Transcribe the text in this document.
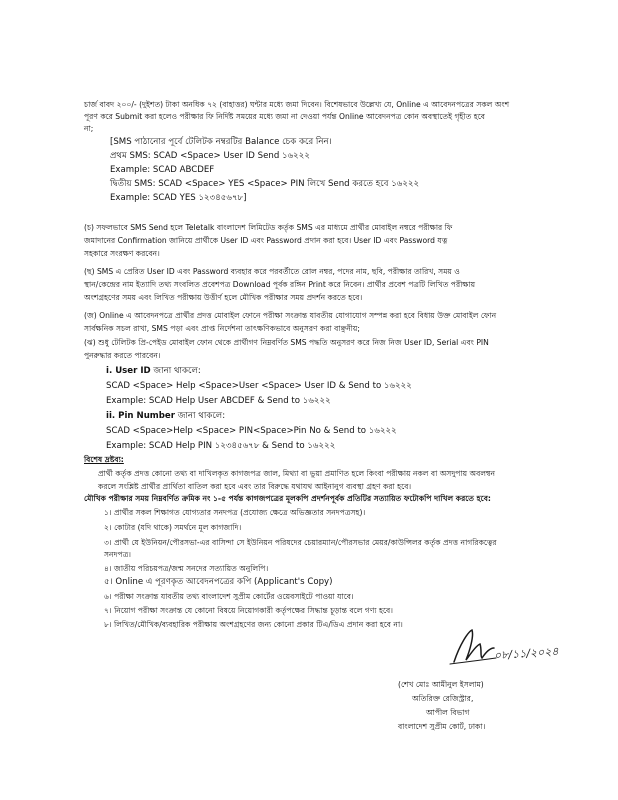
চার্জ বাবদ ২০০/- (দুইশত) টাকা অনধিক ৭২ (বাহাত্তর) ঘন্টার মধ্যে জমা দিবেন। বিশেষভাবে উল্লেখ্য যে, Online এ আবেদনপত্রের সকল অংশ
পূরণ করে Submit করা হলেও পরীক্ষার ফি নির্দিষ্ট সময়ের মধ্যে জমা না দেওয়া পর্যন্ত Online আবেদনপত্র কোন অবস্থাতেই গৃহীত হবে
না;
[SMS পাঠানোর পূর্বে টেলিটক নম্বরটির Balance চেক করে নিন।
প্রথম SMS: SCAD <Space> User ID Send ১৬২২২
Example: SCAD ABCDEF
দ্বিতীয় SMS: SCAD <Space> YES <Space> PIN লিখে Send করতে হবে ১৬২২২
Example: SCAD YES ১২৩৪৫৬৭৮]
(চ) সফলভাবে SMS Send হলে Teletalk বাংলাদেশ লিমিটেড কর্তৃক SMS এর মাধ্যমে প্রার্থীর মোবাইল নম্বরে পরীক্ষার ফি
জমাদানের Confirmation জানিয়ে প্রার্থীকে User ID এবং Password প্রদান করা হবে। User ID এবং Password যত্ন
সহকারে সংরক্ষণ করবেন।
(ছ) SMS এ প্রেরিত User ID এবং Password ব্যবহার করে পরবর্তীতে রোল নম্বর, পদের নাম, ছবি, পরীক্ষার তারিখ, সময় ও
স্থান/কেন্দ্রের নাম ইত্যাদি তথ্য সংবলিত প্রবেশপত্র Download পূর্বক রঙ্গিন Print করে নিবেন। প্রার্থীর প্রবেশ পত্রটি লিখিত পরীক্ষায়
অংশগ্রহণের সময় এবং লিখিত পরীক্ষায় উত্তীর্ণ হলে মৌখিক পরীক্ষার সময় প্রদর্শন করতে হবে।
(জ) Online এ আবেদনপত্রে প্রার্থীর প্রদত্ত মোবাইল ফোনে পরীক্ষা সংক্রান্ত যাবতীয় যোগাযোগ সম্পন্ন করা হবে বিধায় উক্ত মোবাইল ফোন
সার্বক্ষনিক সচল রাখা, SMS পড়া এবং প্রাপ্ত নির্দেশনা তাৎক্ষণিকভাবে অনুসরণ করা বাঞ্ছনীয়;
(ঝ) শুধু টেলিটক প্রি-পেইড মোবাইল ফোন থেকে প্রার্থীগণ নিম্নবর্ণিত SMS পদ্ধতি অনুসরণ করে নিজ নিজ User ID, Serial এবং PIN
পুনরুদ্ধার করতে পারবেন।
i. User ID জানা থাকলে:
SCAD <Space> Help <Space>User <Space> User ID & Send to ১৬২২২
Example: SCAD Help User ABCDEF & Send to ১৬২২২
ii. Pin Number জানা থাকলে:
SCAD <Space>Help <Space> PIN<Space>Pin No & Send to ১৬২২২
Example: SCAD Help PIN ১২৩৪৫৬৭৮ & Send to ১৬২২২
বিশেষ দ্রষ্টব্য:
প্রার্থী কর্তৃক প্রদত্ত কোনো তথ্য বা দাখিলকৃত কাগজপত্র জাল, মিথ্যা বা ভুয়া প্রমাণিত হলে কিংবা পরীক্ষায় নকল বা অসদুপায় অবলম্বন
করলে সংশ্লিষ্ট প্রার্থীর প্রার্থিতা বাতিল করা হবে এবং তার বিরুদ্ধে যথাযথ আইনানুগ ব্যবস্থা গ্রহণ করা হবে।
মৌখিক পরীক্ষার সময় নিম্নবর্ণিত ক্রমিক নং ১-৫ পর্যন্ত কাগজপত্রের মূলকপি প্রদর্শনপূর্বক প্রতিটির সত্যায়িত ফটোকপি দাখিল করতে হবে:
১। প্রার্থীর সকল শিক্ষাগত যোগ্যতার সনদপত্র (প্রযোজ্য ক্ষেত্রে অভিজ্ঞতার সনদপত্রসহ)।
২। কোটার (যদি থাকে) সমর্থনে মূল কাগজাদি।
৩। প্রার্থী যে ইউনিয়ন/পৌরসভা-এর বাসিন্দা সে ইউনিয়ন পরিষদের চেয়ারম্যান/পৌরসভার মেয়র/কাউন্সিলর কর্তৃক প্রদত্ত নাগরিকত্বের
সনদপত্র।
৪। জাতীয় পরিচয়পত্র/জন্ম সনদের সত্যায়িত অনুলিপি।
৫। Online এ পূরণকৃত আবেদনপত্রের কপি (Applicant's Copy)
৬। পরীক্ষা সংক্রান্ত যাবতীয় তথ্য বাংলাদেশ সুপ্রীম কোর্টের ওয়েবসাইটে পাওয়া যাবে।
৭। নিয়োগ পরীক্ষা সংক্রান্ত যে কোনো বিষয়ে নিয়োগকারী কর্তৃপক্ষের সিদ্ধান্ত চূড়ান্ত বলে গণ্য হবে।
৮। লিখিত/মৌখিক/ব্যবহারিক পরীক্ষায় অংশগ্রহণের জন্য কোনো প্রকার টিএ/ডিএ প্রদান করা হবে না।
০৮/১১/২০২৪
(শেখ মোঃ আমীনুল ইসলাম)
অতিরিক্ত রেজিস্ট্রার,
আপীল বিভাগ
বাংলাদেশ সুপ্রীম কোর্ট, ঢাকা।
